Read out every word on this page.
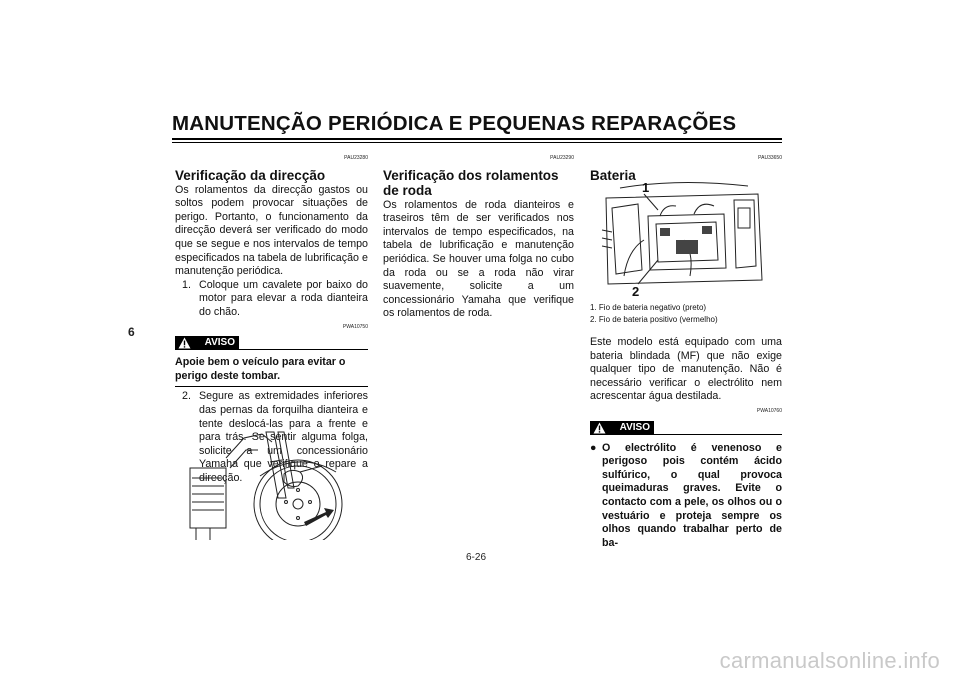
MANUTENÇÃO PERIÓDICA E PEQUENAS REPARAÇÕES
6
PAU23280
Verificação da direcção
Os rolamentos da direcção gastos ou soltos podem provocar situações de perigo. Portanto, o funcionamento da direcção deverá ser verificado do modo que se segue e nos intervalos de tempo especificados na tabela de lubrificação e manutenção periódica.
1. Coloque um cavalete por baixo do motor para elevar a roda dianteira do chão.
PWA10750
AVISO
Apoie bem o veículo para evitar o perigo deste tombar.
2. Segure as extremidades inferiores das pernas da forquilha dianteira e tente deslocá-las para a frente e para trás. Se sentir alguma folga, solicite a um concessionário Yamaha que verifique e repare a direcção.
PAU23290
Verificação dos rolamentos de roda
Os rolamentos de roda dianteiros e traseiros têm de ser verificados nos intervalos de tempo especificados, na tabela de lubrificação e manutenção periódica. Se houver uma folga no cubo da roda ou se a roda não virar suavemente, solicite a um concessionário Yamaha que verifique os rolamentos de roda.
PAU33650
Bateria
1
2
1. Fio de bateria negativo (preto)
2. Fio de bateria positivo (vermelho)
Este modelo está equipado com uma bateria blindada (MF) que não exige qualquer tipo de manutenção. Não é necessário verificar o electrólito nem acrescentar água destilada.
PWA10760
AVISO
● O electrólito é venenoso e perigoso pois contém ácido sulfúrico, o qual provoca queimaduras graves. Evite o contacto com a pele, os olhos ou o vestuário e proteja sempre os olhos quando trabalhar perto de ba-
6-26
carmanualsonline.info
